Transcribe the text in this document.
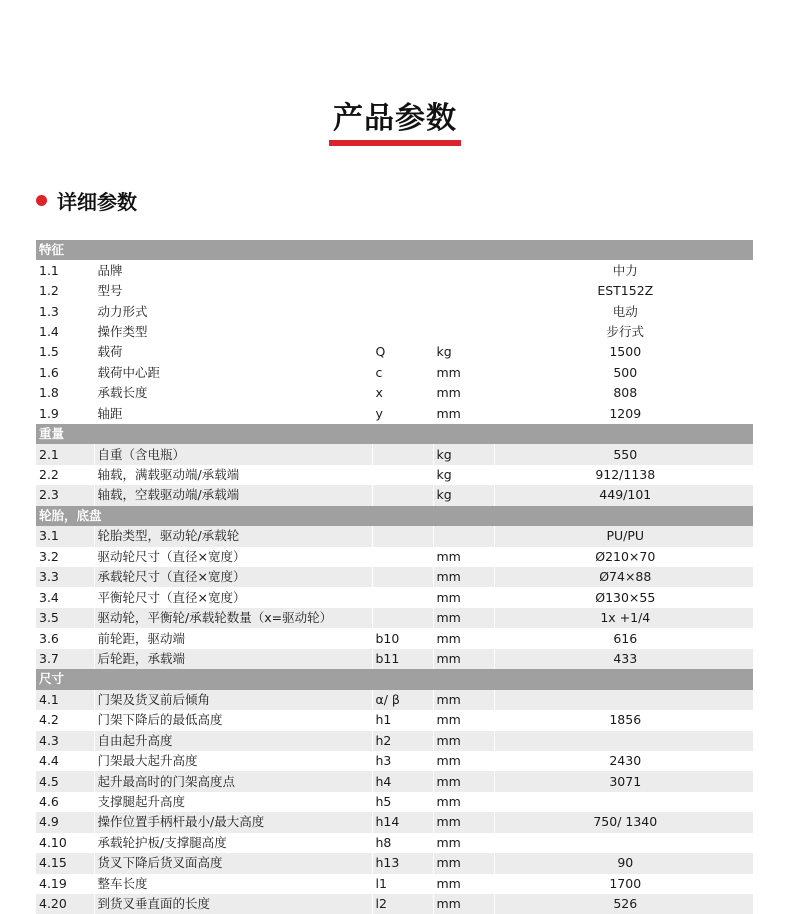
产品参数
详细参数
特征				
1.1	品牌			中力
1.2	型号			EST152Z
1.3	动力形式			电动
1.4	操作类型			步行式
1.5	载荷	Q	kg	1500
1.6	载荷中心距	c	mm	500
1.8	承载长度	x	mm	808
1.9	轴距	y	mm	1209
重量				
2.1	自重（含电瓶）		kg	550
2.2	轴载，满载驱动端/承载端		kg	912/1138
2.3	轴载，空载驱动端/承载端		kg	449/101
轮胎，底盘				
3.1	轮胎类型，驱动轮/承载轮			PU/PU
3.2	驱动轮尺寸（直径×宽度）		mm	Ø210×70
3.3	承载轮尺寸（直径×宽度）		mm	Ø74×88
3.4	平衡轮尺寸（直径×宽度）		mm	Ø130×55
3.5	驱动轮，平衡轮/承载轮数量（x=驱动轮）		mm	1x +1/4
3.6	前轮距，驱动端	b10	mm	616
3.7	后轮距，承载端	b11	mm	433
尺寸				
4.1	门架及货叉前后倾角	α/ β	mm	
4.2	门架下降后的最低高度	h1	mm	1856
4.3	自由起升高度	h2	mm	
4.4	门架最大起升高度	h3	mm	2430
4.5	起升最高时的门架高度点	h4	mm	3071
4.6	支撑腿起升高度	h5	mm	
4.9	操作位置手柄杆最小/最大高度	h14	mm	750/ 1340
4.10	承载轮护板/支撑腿高度	h8	mm	
4.15	货叉下降后货叉面高度	h13	mm	90
4.19	整车长度	l1	mm	1700
4.20	到货叉垂直面的长度	l2	mm	526
